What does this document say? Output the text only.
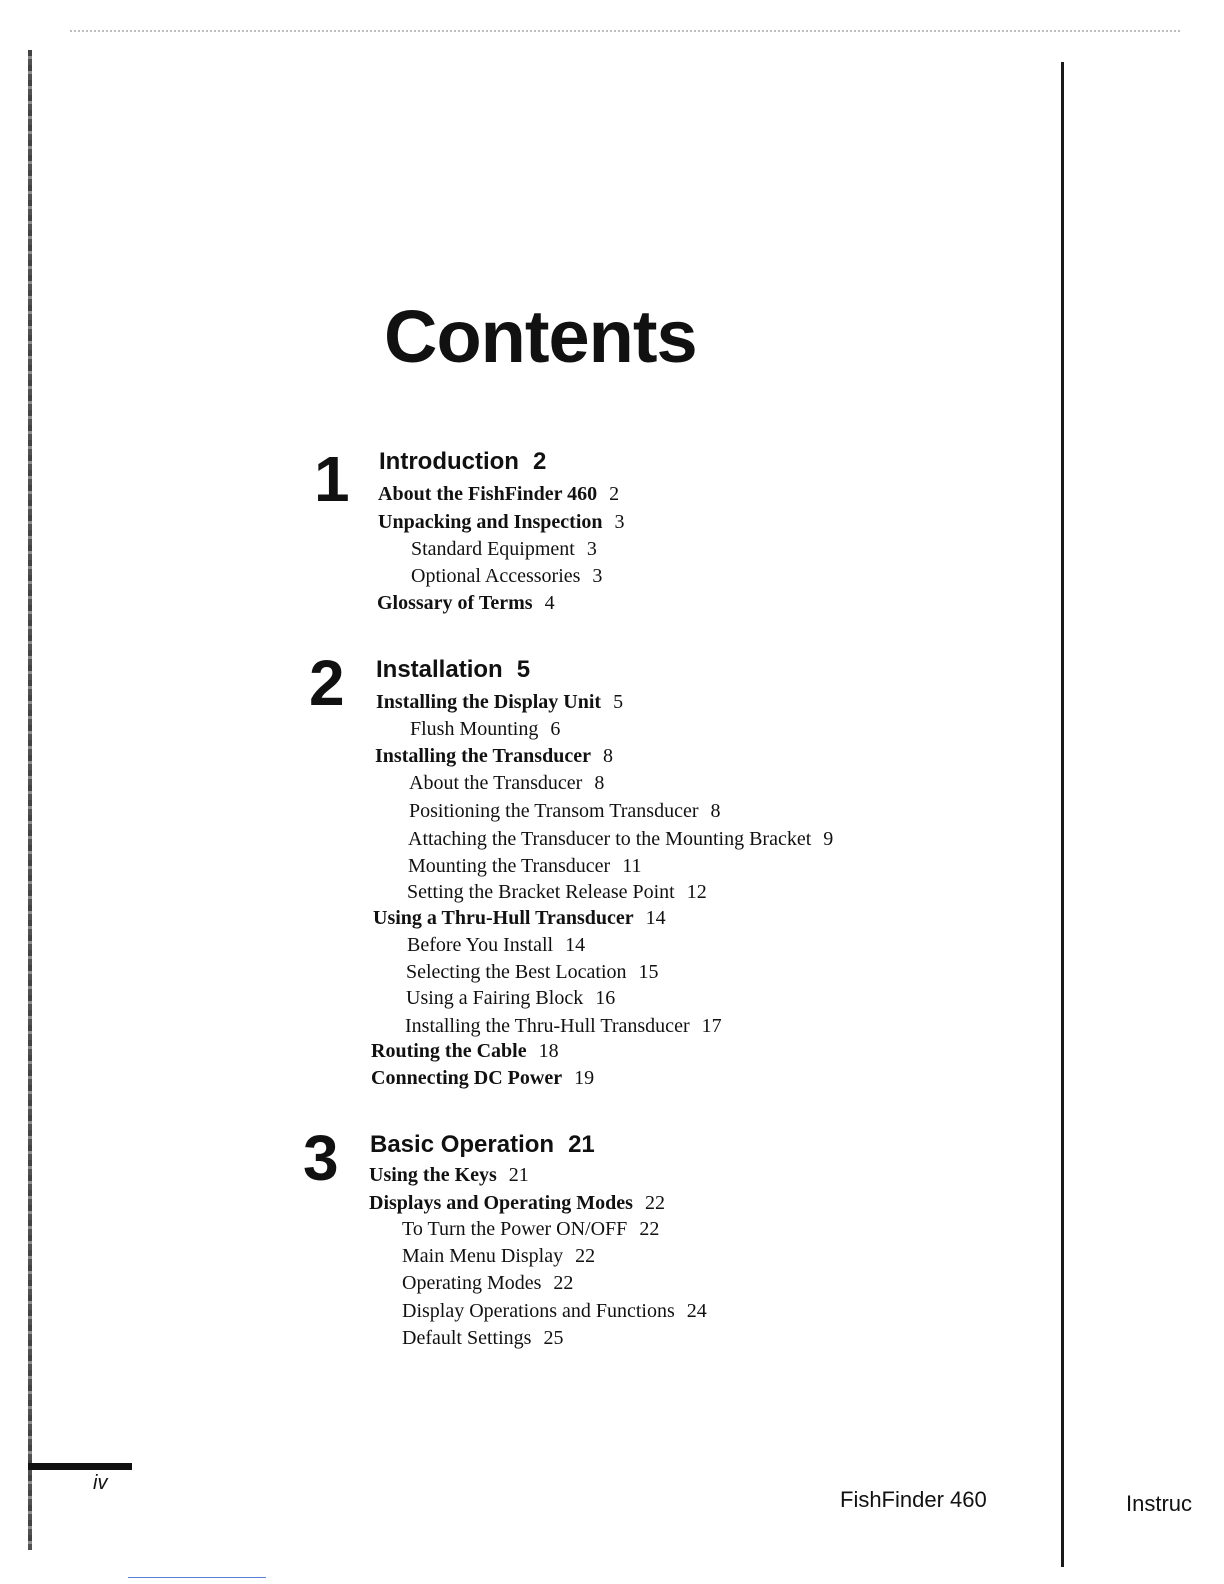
Contents
1 Introduction 2
About the FishFinder 460 2
Unpacking and Inspection 3
Standard Equipment 3
Optional Accessories 3
Glossary of Terms 4
2 Installation 5
Installing the Display Unit 5
Flush Mounting 6
Installing the Transducer 8
About the Transducer 8
Positioning the Transom Transducer 8
Attaching the Transducer to the Mounting Bracket 9
Mounting the Transducer 11
Setting the Bracket Release Point 12
Using a Thru-Hull Transducer 14
Before You Install 14
Selecting the Best Location 15
Using a Fairing Block 16
Installing the Thru-Hull Transducer 17
Routing the Cable 18
Connecting DC Power 19
3 Basic Operation 21
Using the Keys 21
Displays and Operating Modes 22
To Turn the Power ON/OFF 22
Main Menu Display 22
Operating Modes 22
Display Operations and Functions 24
Default Settings 25
iv
FishFinder 460	Instruc
